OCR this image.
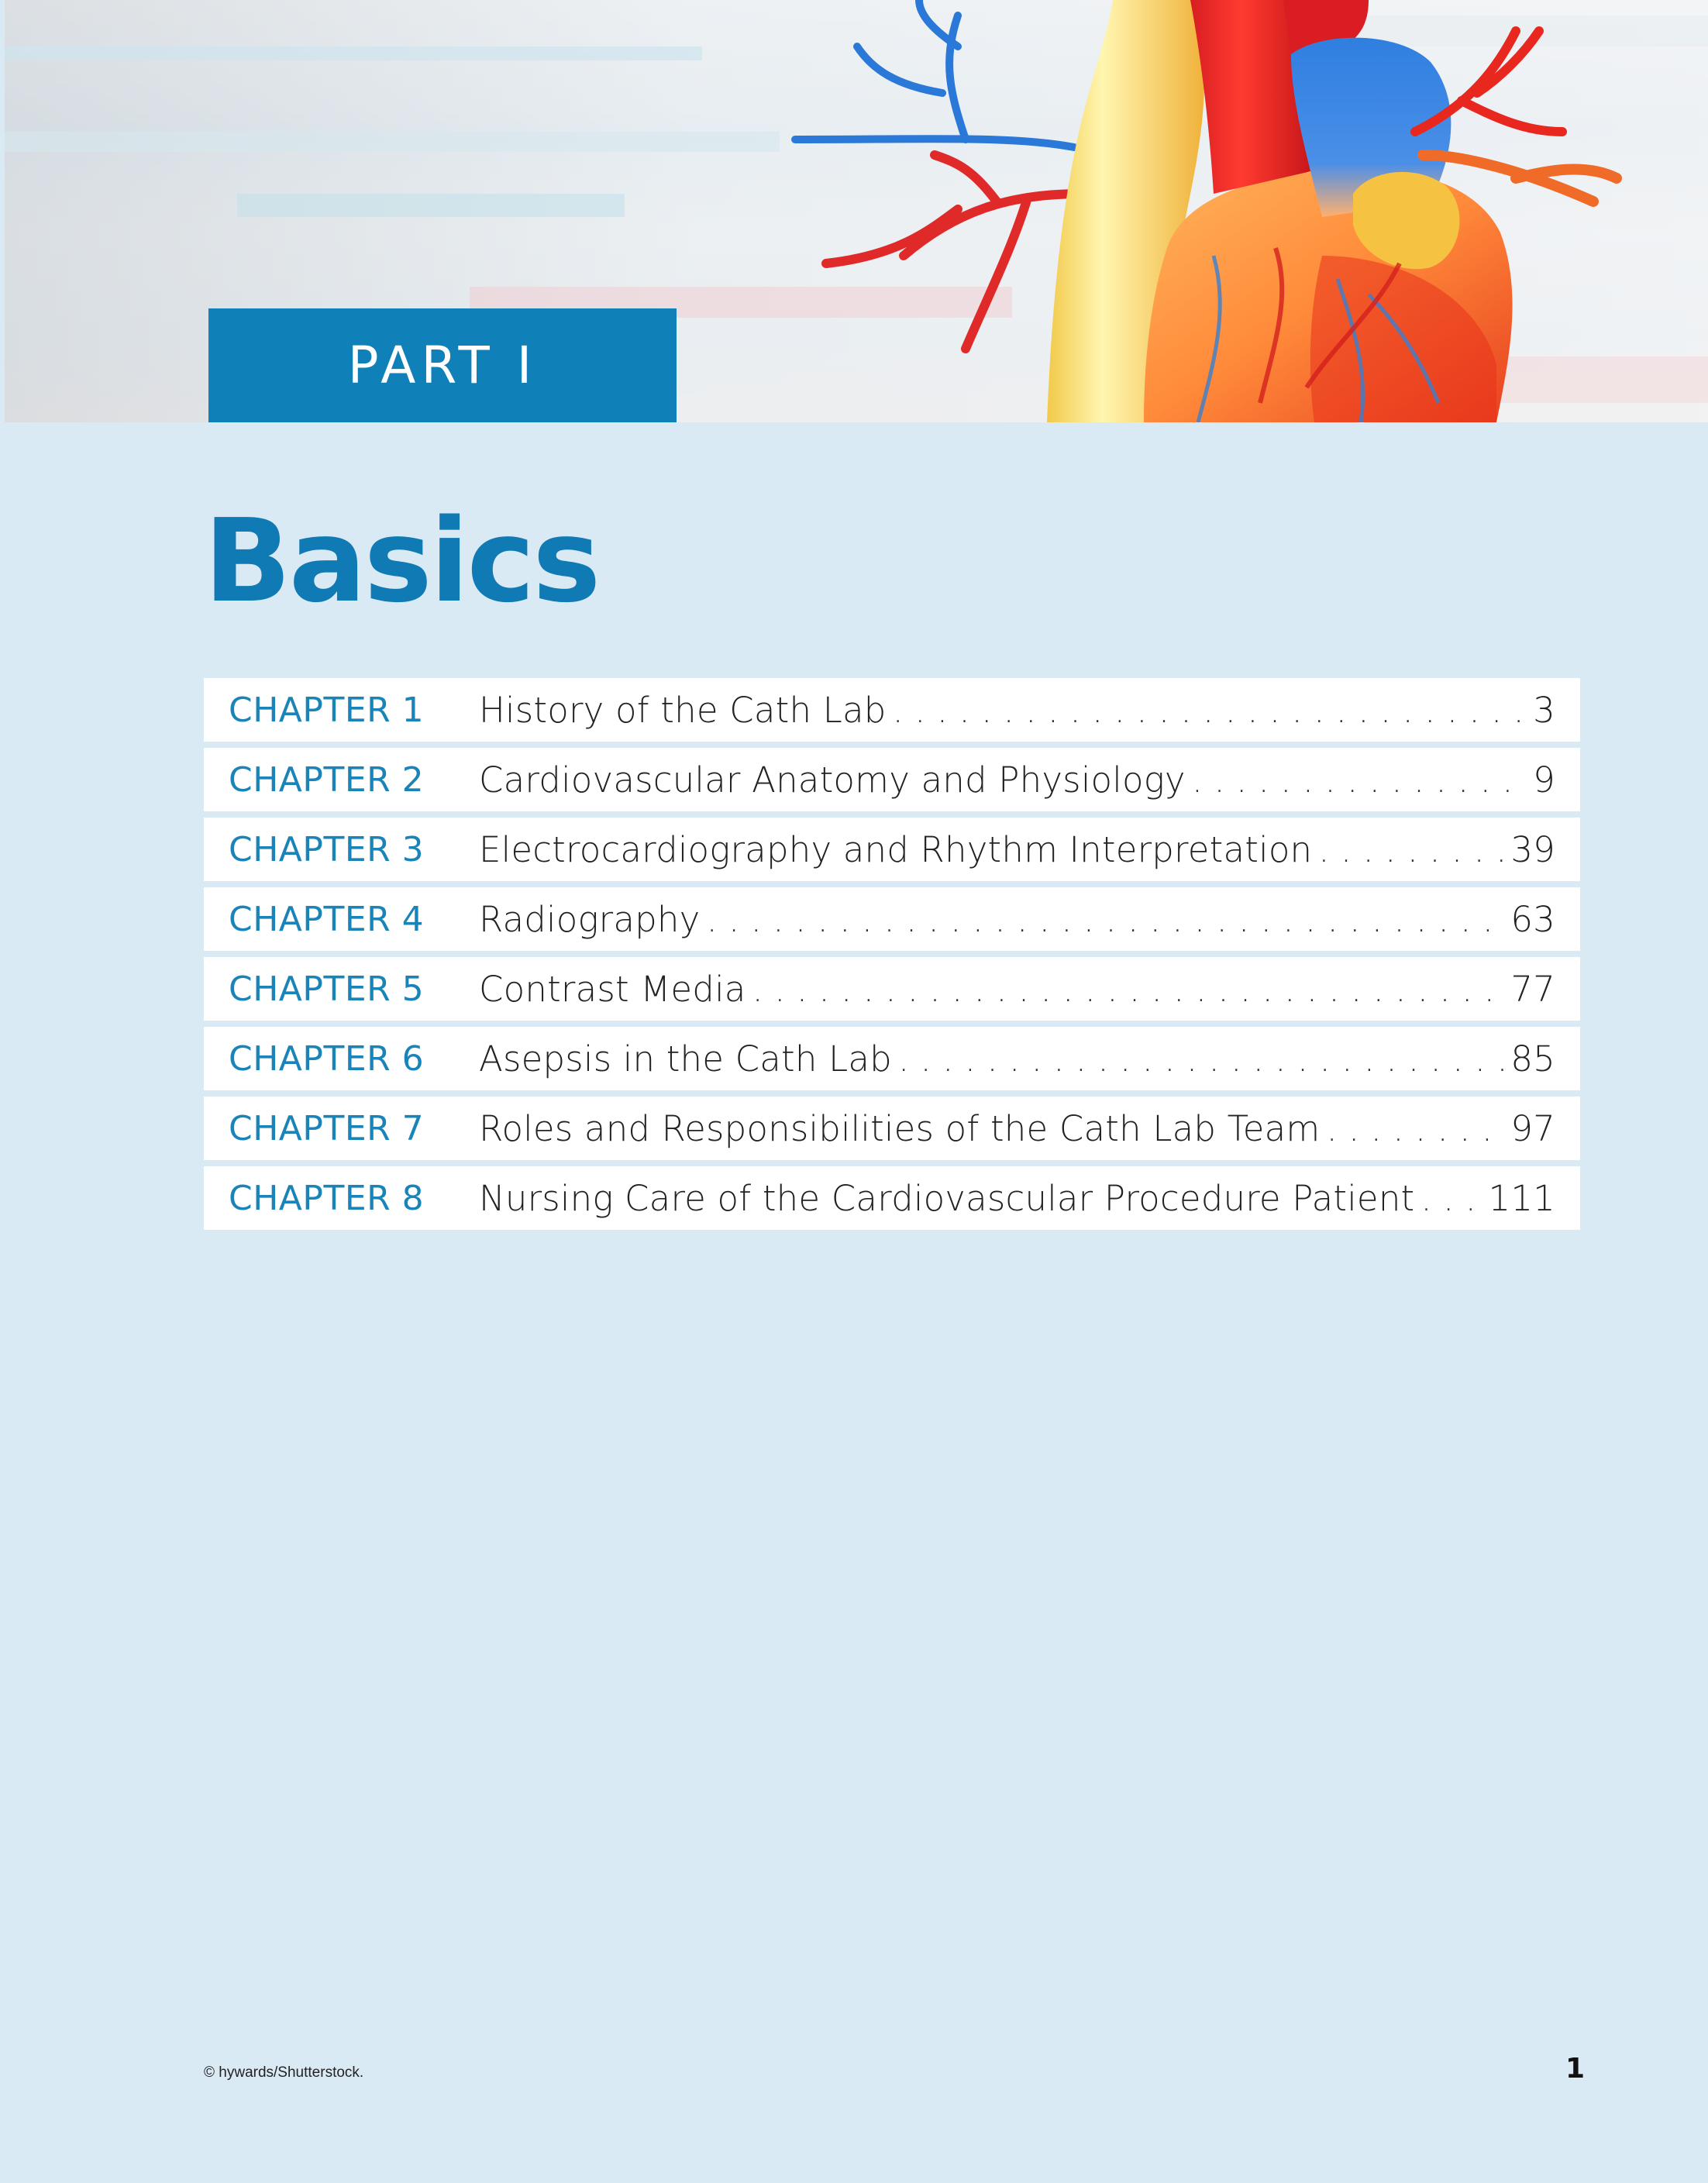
PART I
Basics
CHAPTER 1	History of the Cath Lab . . .	3
CHAPTER 2	Cardiovascular Anatomy and Physiology . . .	9
CHAPTER 3	Electrocardiography and Rhythm Interpretation . . .	39
CHAPTER 4	Radiography . . .	63
CHAPTER 5	Contrast Media . . .	77
CHAPTER 6	Asepsis in the Cath Lab . . .	85
CHAPTER 7	Roles and Responsibilities of the Cath Lab Team . . .	97
CHAPTER 8	Nursing Care of the Cardiovascular Procedure Patient . . . 111
© hywards/Shutterstock.	1
